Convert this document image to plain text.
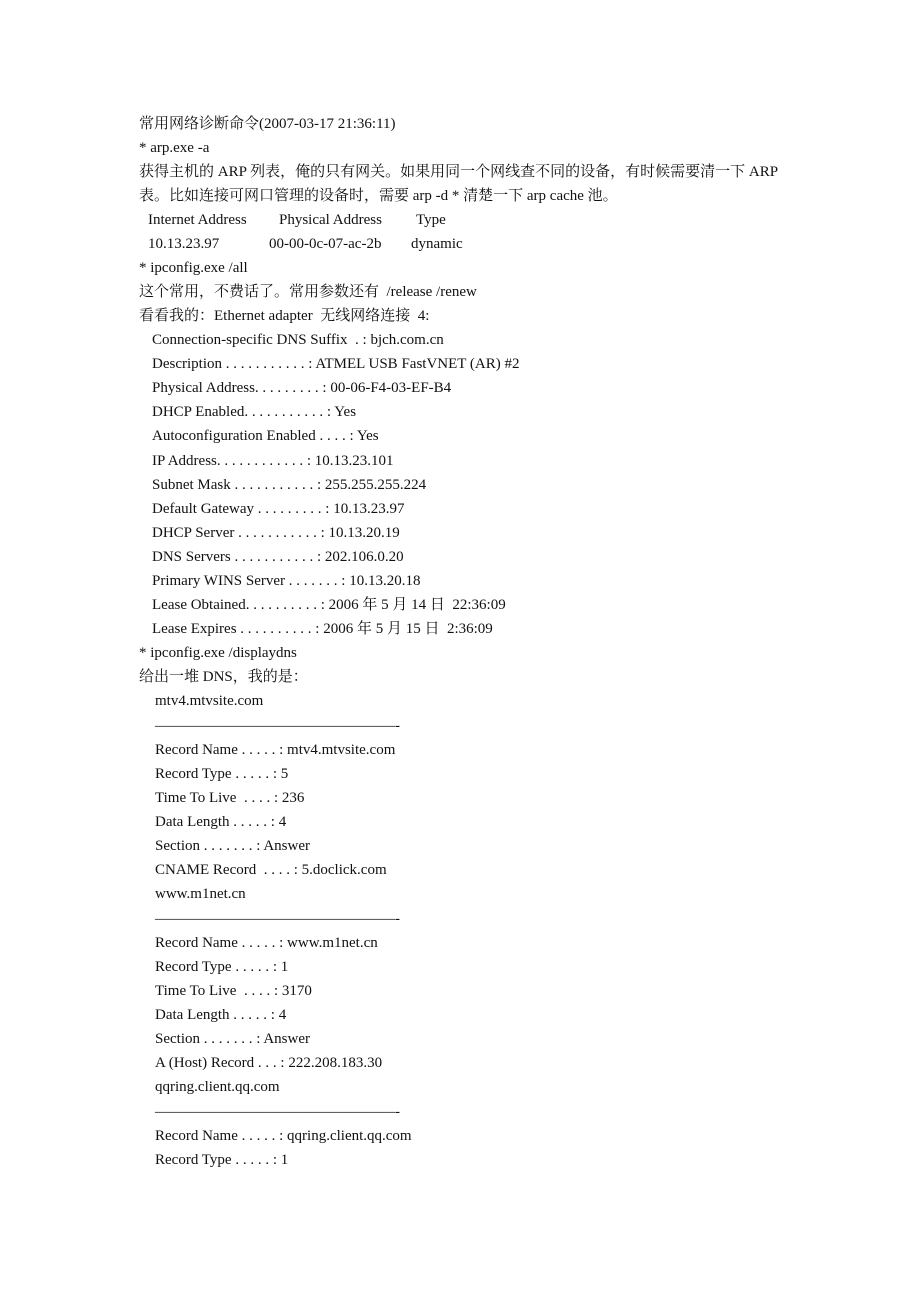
常用网络诊断命令(2007-03-17 21:36:11)
* arp.exe -a
获得主机的 ARP 列表，俺的只有网关。如果用同一个网线查不同的设备，有时候需要清一下 ARP 表。比如连接可网口管理的设备时，需要 arp -d * 清楚一下 arp cache 池。
Internet Address Physical Address Type
10.13.23.97	00-00-0c-07-ac-2b dynamic
* ipconfig.exe /all
这个常用，不费话了。常用参数还有  /release /renew
看看我的：Ethernet adapter  无线网络连接  4:
Connection-specific DNS Suffix  . : bjch.com.cn
Description . . . . . . . . . . . : ATMEL USB FastVNET (AR) #2
Physical Address. . . . . . . . . : 00-06-F4-03-EF-B4
DHCP Enabled. . . . . . . . . . . : Yes
Autoconfiguration Enabled . . . . : Yes
IP Address. . . . . . . . . . . . : 10.13.23.101
Subnet Mask . . . . . . . . . . . : 255.255.255.224
Default Gateway . . . . . . . . . : 10.13.23.97
DHCP Server . . . . . . . . . . . : 10.13.20.19
DNS Servers . . . . . . . . . . . : 202.106.0.20
Primary WINS Server . . . . . . . : 10.13.20.18
Lease Obtained. . . . . . . . . . : 2006 年 5 月 14 日  22:36:09
Lease Expires . . . . . . . . . . : 2006 年 5 月 15 日  2:36:09
* ipconfig.exe /displaydns
给出一堆 DNS，我的是：
mtv4.mtvsite.com
————————————————-
Record Name . . . . . : mtv4.mtvsite.com
Record Type . . . . . : 5
Time To Live  . . . . : 236
Data Length . . . . . : 4
Section . . . . . . . : Answer
CNAME Record  . . . . : 5.doclick.com
www.m1net.cn
————————————————-
Record Name . . . . . : www.m1net.cn
Record Type . . . . . : 1
Time To Live  . . . . : 3170
Data Length . . . . . : 4
Section . . . . . . . : Answer
A (Host) Record . . . : 222.208.183.30
qqring.client.qq.com
————————————————-
Record Name . . . . . : qqring.client.qq.com
Record Type . . . . . : 1
